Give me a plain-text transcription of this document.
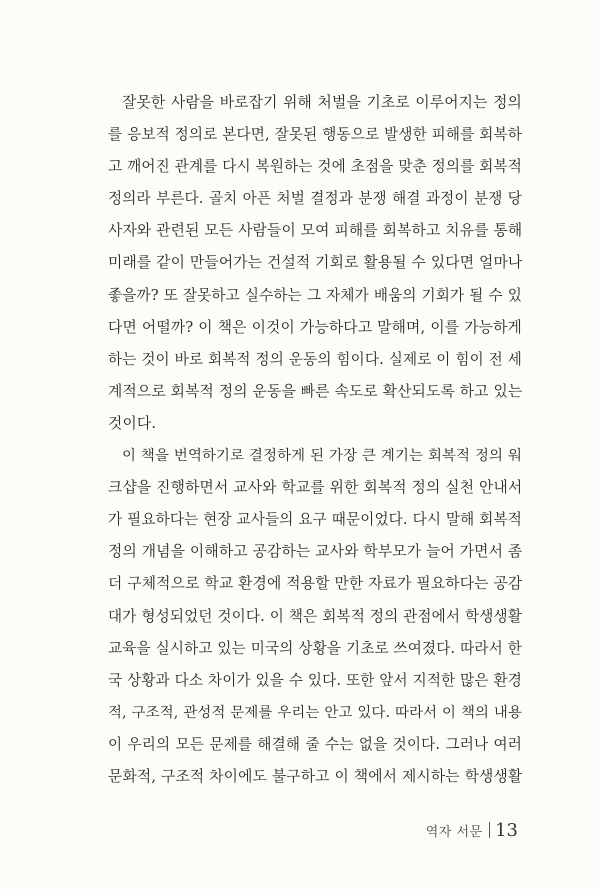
잘못한 사람을 바로잡기 위해 처벌을 기초로 이루어지는 정의
를 응보적 정의로 본다면, 잘못된 행동으로 발생한 피해를 회복하
고 깨어진 관계를 다시 복원하는 것에 초점을 맞춘 정의를 회복적
정의라 부른다. 골치 아픈 처벌 결정과 분쟁 해결 과정이 분쟁 당
사자와 관련된 모든 사람들이 모여 피해를 회복하고 치유를 통해
미래를 같이 만들어가는 건설적 기회로 활용될 수 있다면 얼마나
좋을까? 또 잘못하고 실수하는 그 자체가 배움의 기회가 될 수 있
다면 어떨까? 이 책은 이것이 가능하다고 말해며, 이를 가능하게
하는 것이 바로 회복적 정의 운동의 힘이다. 실제로 이 힘이 전 세
계적으로 회복적 정의 운동을 빠른 속도로 확산되도록 하고 있는
것이다.
이 책을 번역하기로 결정하게 된 가장 큰 계기는 회복적 정의 워
크샵을 진행하면서 교사와 학교를 위한 회복적 정의 실천 안내서
가 필요하다는 현장 교사들의 요구 때문이었다. 다시 말해 회복적
정의 개념을 이해하고 공감하는 교사와 학부모가 늘어 가면서 좀
더 구체적으로 학교 환경에 적용할 만한 자료가 필요하다는 공감
대가 형성되었던 것이다. 이 책은 회복적 정의 관점에서 학생생활
교육을 실시하고 있는 미국의 상황을 기초로 쓰여졌다. 따라서 한
국 상황과 다소 차이가 있을 수 있다. 또한 앞서 지적한 많은 환경
적, 구조적, 관성적 문제를 우리는 안고 있다. 따라서 이 책의 내용
이 우리의 모든 문제를 해결해 줄 수는 없을 것이다. 그러나 여러
문화적, 구조적 차이에도 불구하고 이 책에서 제시하는 학생생활
역자 서문 13
